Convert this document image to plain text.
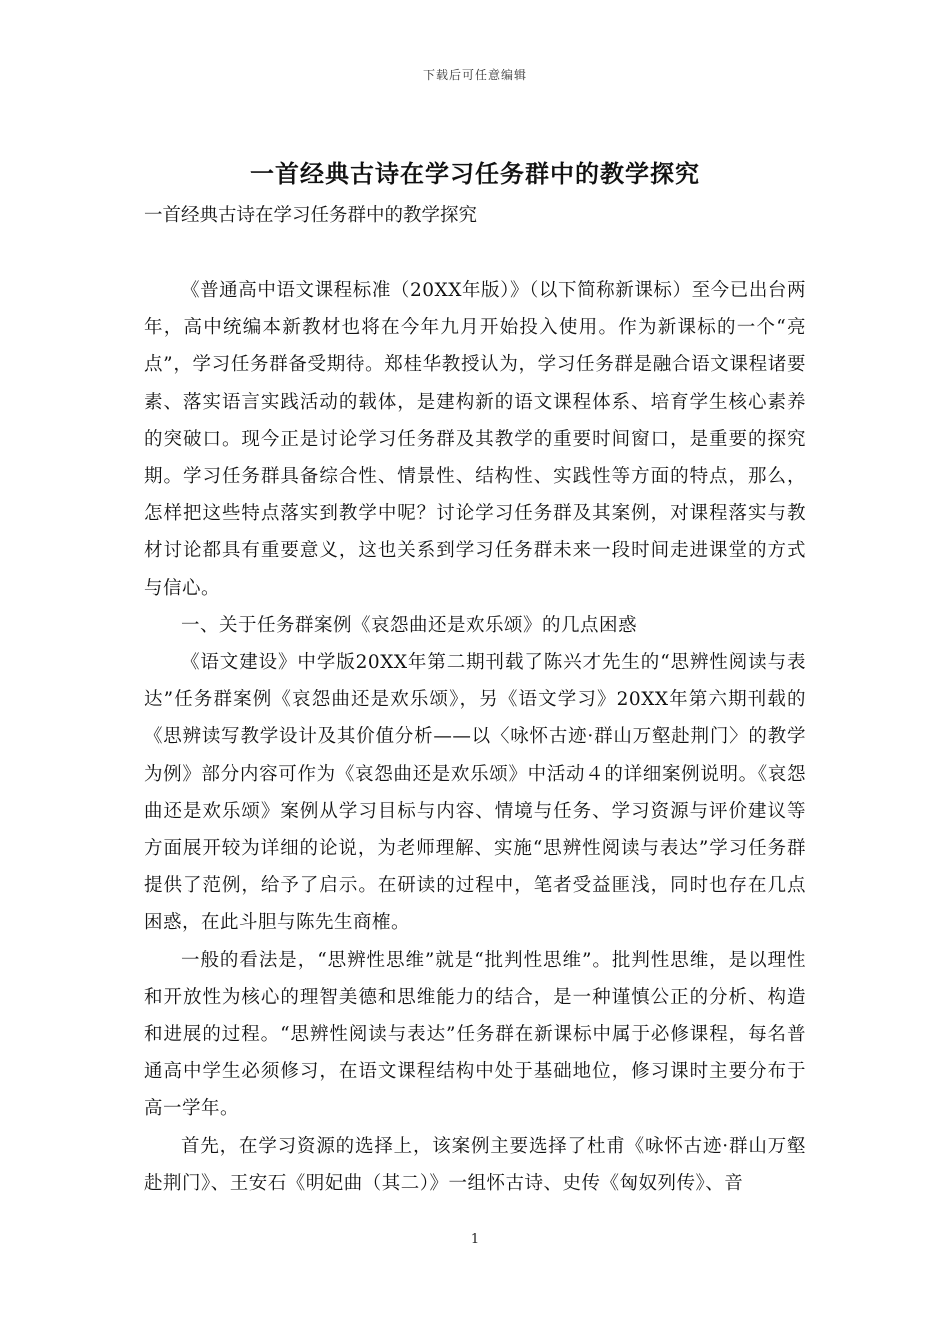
下载后可任意编辑
一首经典古诗在学习任务群中的教学探究
一首经典古诗在学习任务群中的教学探究

《普通高中语文课程标准（20XX年版）》（以下简称新课标）至今已出台两年，高中统编本新教材也将在今年九月开始投入使用。作为新课标的一个“亮点”，学习任务群备受期待。郑桂华教授认为，学习任务群是融合语文课程诸要素、落实语言实践活动的载体，是建构新的语文课程体系、培育学生核心素养的突破口。现今正是讨论学习任务群及其教学的重要时间窗口，是重要的探究期。学习任务群具备综合性、情景性、结构性、实践性等方面的特点，那么，怎样把这些特点落实到教学中呢？讨论学习任务群及其案例，对课程落实与教材讨论都具有重要意义，这也关系到学习任务群未来一段时间走进课堂的方式与信心。

一、关于任务群案例《哀怨曲还是欢乐颂》的几点困惑

《语文建设》中学版20XX年第二期刊载了陈兴才先生的“思辨性阅读与表达”任务群案例《哀怨曲还是欢乐颂》，另《语文学习》20XX年第六期刊载的《思辨读写教学设计及其价值分析——以〈咏怀古迹·群山万壑赴荆门〉的教学为例》部分内容可作为《哀怨曲还是欢乐颂》中活动４的详细案例说明。《哀怨曲还是欢乐颂》案例从学习目标与内容、情境与任务、学习资源与评价建议等方面展开较为详细的论说，为老师理解、实施“思辨性阅读与表达”学习任务群提供了范例，给予了启示。在研读的过程中，笔者受益匪浅，同时也存在几点困惑，在此斗胆与陈先生商榷。

一般的看法是，“思辨性思维”就是“批判性思维”。批判性思维，是以理性和开放性为核心的理智美德和思维能力的结合，是一种谨慎公正的分析、构造和进展的过程。“思辨性阅读与表达”任务群在新课标中属于必修课程，每名普通高中学生必须修习，在语文课程结构中处于基础地位，修习课时主要分布于高一学年。

首先，在学习资源的选择上，该案例主要选择了杜甫《咏怀古迹·群山万壑赴荆门》、王安石《明妃曲（其二）》一组怀古诗、史传《匈奴列传》、音

1
